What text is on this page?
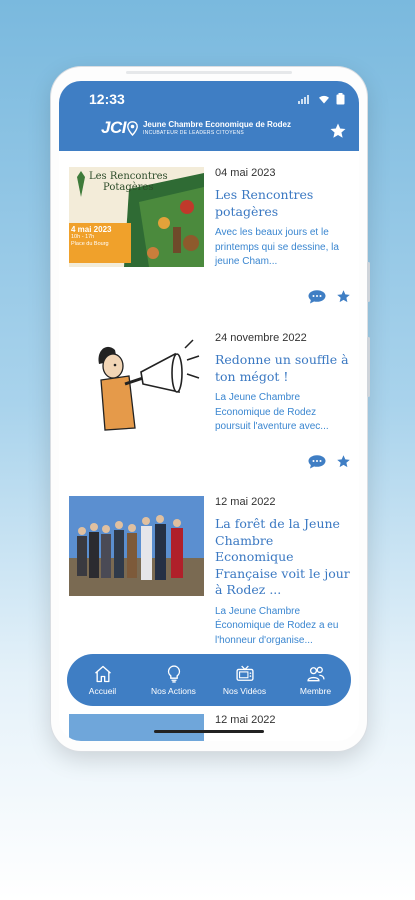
12:33
JCI Jeune Chambre Economique de Rodez
INCUBATEUR DE LEADERS CITOYENS
Les Rencontres
Potagères
4 mai 2023
10h - 17h
Place du Bourg
04 mai 2023
Les Rencontres potagères
Avec les beaux jours et le printemps qui se dessine, la jeune Cham...
24 novembre 2022
Redonne un souffle à ton mégot !
La Jeune Chambre Economique de Rodez poursuit l'aventure avec...
12 mai 2022
La forêt de la Jeune Chambre Economique Française voit le jour à Rodez ...
La Jeune Chambre Économique de Rodez a eu l'honneur d'organise...
12 mai 2022
Accueil	Nos Actions	Nos Vidéos	Membre
